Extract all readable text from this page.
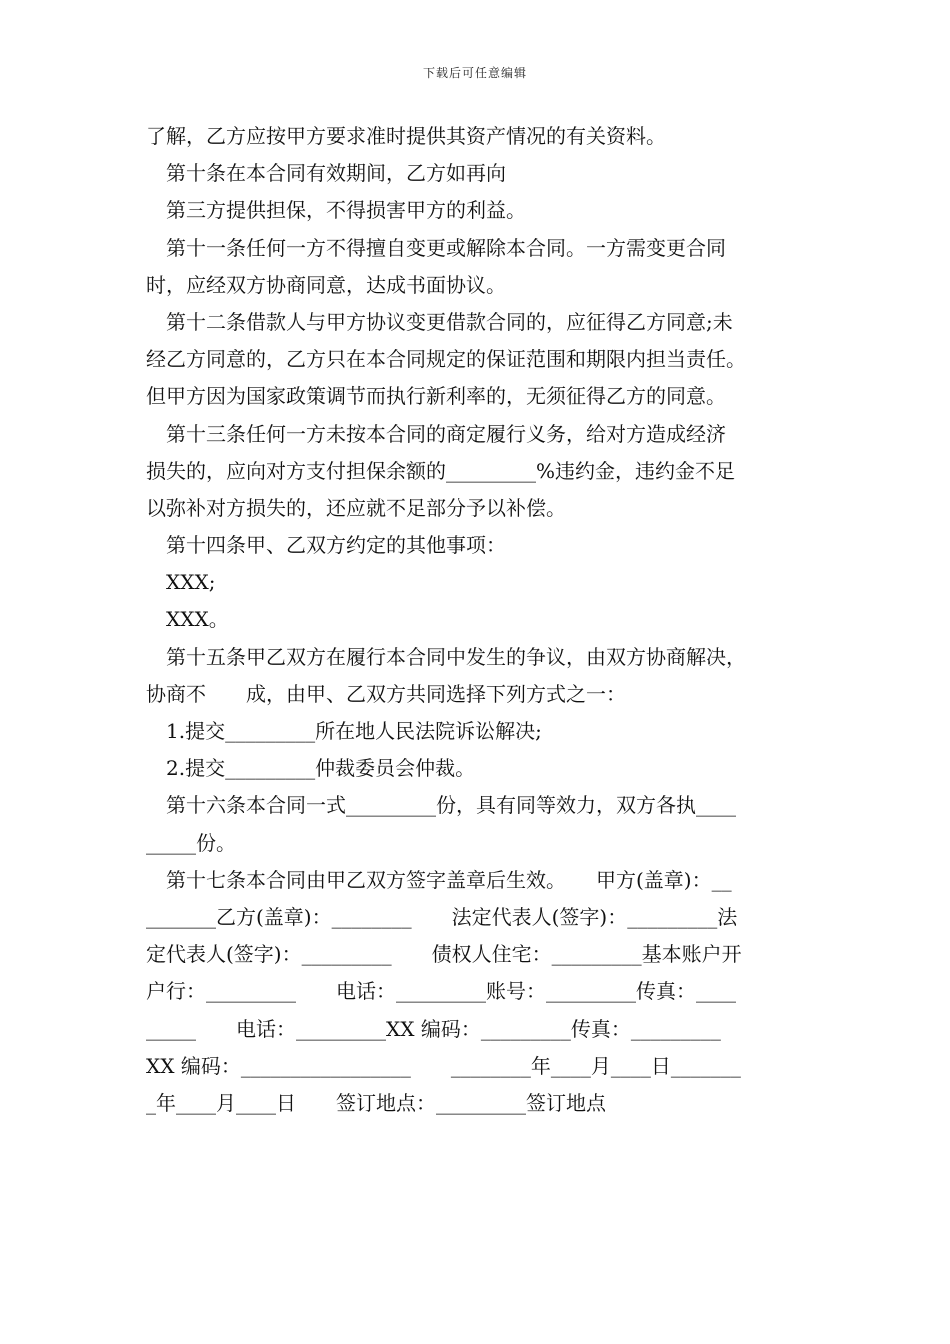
下载后可任意编辑
了解，乙方应按甲方要求准时提供其资产情况的有关资料。
第十条在本合同有效期间，乙方如再向
第三方提供担保，不得损害甲方的利益。
第十一条任何一方不得擅自变更或解除本合同。一方需变更合同
时，应经双方协商同意，达成书面协议。
第十二条借款人与甲方协议变更借款合同的，应征得乙方同意;未
经乙方同意的，乙方只在本合同规定的保证范围和期限内担当责任。
但甲方因为国家政策调节而执行新利率的，无须征得乙方的同意。
第十三条任何一方未按本合同的商定履行义务，给对方造成经济
损失的，应向对方支付担保余额的_________%违约金，违约金不足
以弥补对方损失的，还应就不足部分予以补偿。
第十四条甲、乙双方约定的其他事项：
XXX;
XXX。
第十五条甲乙双方在履行本合同中发生的争议，由双方协商解决，
协商不　　成，由甲、乙双方共同选择下列方式之一：
1.提交_________所在地人民法院诉讼解决;
2.提交_________仲裁委员会仲裁。
第十六条本合同一式_________份，具有同等效力，双方各执____
_____份。
第十七条本合同由甲乙双方签字盖章后生效。　　甲方(盖章)：__
_______乙方(盖章)：________　　法定代表人(签字)：_________法
定代表人(签字)：_________　　债权人住宅：_________基本账户开
户行：_________　　电话：_________账号：_________传真：____
_____　　电话：_________XX 编码：_________传真：_________
XX 编码：_________________　　________年____月____日_______
_年____月____日　　签订地点：_________签订地点
